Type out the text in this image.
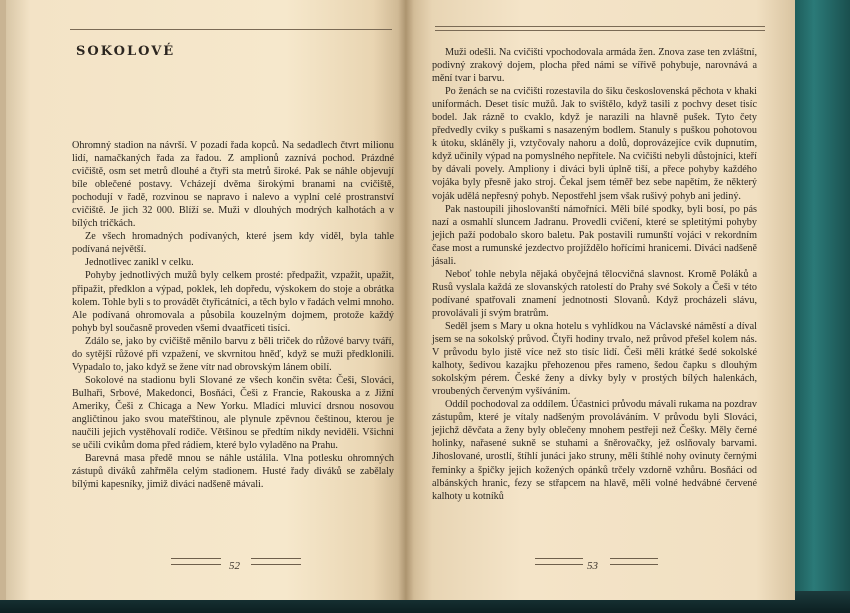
SOKOLOVÉ

Ohromný stadion na návrší. V pozadí řada kopců. Na sedadlech čtvrt milionu lidí, namačkaných řada za řadou. Z amplionů zaznívá pochod. Prázdné cvičiště, osm set metrů dlouhé a čtyři sta metrů široké. Pak se náhle objevují bíle oblečené postavy. Vcházejí dvěma širokými branami na cvičiště, pochodují v řadě, rozvinou se napravo i nalevo a vyplní celé prostranství cvičiště. Je jich 32 000. Blíží se. Muži v dlouhých modrých kalhotách a v bílých tričkách.

Ze všech hromadných podívaných, které jsem kdy viděl, byla tahle podívaná největší.

Jednotlivec zanikl v celku.

Pohyby jednotlivých mužů byly celkem prosté: předpažit, vzpažit, upažit, připažit, předklon a výpad, poklek, leh dopředu, výskokem do stoje a obrátka kolem. Tohle byli s to provádět čtyřicátníci, a těch bylo v řadách velmi mnoho. Ale podívaná ohromovala a působila kouzelným dojmem, protože každý pohyb byl současně proveden všemi dvaatřiceti tisíci.

Zdálo se, jako by cvičiště měnilo barvu z běli triček do růžové barvy tváří, do sytější růžové při vzpažení, ve skvrnitou hněď, když se muži předklonili. Vypadalo to, jako když se žene vítr nad obrovským lánem obilí.

Sokolové na stadionu byli Slované ze všech končin světa: Češi, Slováci, Bulhaři, Srbové, Makedonci, Bosňáci, Češi z Francie, Rakouska a z Jižní Ameriky, Češi z Chicaga a New Yorku. Mladíci mluvicí drsnou nosovou angličtinou jako svou mateřštinou, ale plynule zpěvnou češtinou, kterou je naučili jejich vystěhovalí rodiče. Většinou se předtím nikdy neviděli. Všichni se učili cvikům doma před rádiem, které bylo vyladěno na Prahu.

Barevná masa předě mnou se náhle ustálila. Vlna potlesku ohromných zástupů diváků zahřměla celým stadionem. Husté řady diváků se zabělaly bílými kapesníky, jimiž diváci nadšeně mávali.

52

Muži odešli. Na cvičišti vpochodovala armáda žen. Znova zase ten zvláštní, podivný zrakový dojem, plocha před námi se vířivě pohybuje, narovnává a mění tvar i barvu.

Po ženách se na cvičišti rozestavila do šiku československá pěchota v khaki uniformách. Deset tisíc mužů. Jak to svištělo, když tasili z pochvy deset tisíc bodel. Jak rázně to cvaklo, když je narazili na hlavně pušek. Tyto čety předvedly cviky s puškami s nasazeným bodlem. Stanuly s puškou pohotovou k útoku, skláněly ji, vztyčovaly nahoru a dolů, doprovázejíce cvik dupnutím, když učinily výpad na pomyslného nepřítele. Na cvičišti nebyli důstojníci, kteří by dávali povely. Ampliony i diváci byli úplně tiší, a přece pohyby každého vojáka byly přesně jako stroj. Čekal jsem téměř bez sebe napětím, že některý voják udělá nepřesný pohyb. Nepostřehl jsem však rušivý pohyb ani jediný.

Pak nastoupili jihoslovanští námořníci. Měli bílé spodky, byli bosí, po pás nazí a osmahlí sluncem Jadranu. Provedli cvičení, které se spletitými pohyby jejich paží podobalo skoro baletu. Pak postavili rumunští vojáci v rekordním čase most a rumunské jezdectvo projíždělo hořícími hranicemi. Diváci nadšeně jásali.

Neboť tohle nebyla nějaká obyčejná tělocvičná slavnost. Kromě Poláků a Rusů vyslala každá ze slovanských ratolestí do Prahy své Sokoly a Češi v této podívané spatřovali znamení jednotnosti Slovanů. Když procházeli slávu, provolávali jí svým bratrům.

Seděl jsem s Mary u okna hotelu s vyhlídkou na Václavské náměstí a díval jsem se na sokolský průvod. Čtyři hodiny trvalo, než průvod přešel kolem nás. V průvodu bylo jistě více než sto tisíc lidí. Češi měli krátké šedé sokolské kalhoty, šedivou kazajku přehozenou přes rameno, šedou čapku s dlouhým sokolským pérem. České ženy a dívky byly v prostých bílých halenkách, vroubených červeným vyšíváním.

Oddíl pochodoval za oddílem. Účastnici průvodu mávali rukama na pozdrav zástupům, které je vítaly nadšeným provoláváním. V průvodu byli Slováci, jejichž děvčata a ženy byly oblečeny mnohem pestřeji než Češky. Měly černé holinky, nařasené sukně se stuhami a šněrovačky, jež oslňovaly barvami. Jihoslované, urostlí, štíhlí junáci jako struny, měli štíhlé nohy ovinuty černými řeminky a špičky jejich kožených opánků trčely vzdorně vzhůru. Bosňáci od albánských hranic, fezy se střapcem na hlavě, měli volné hedvábné červené kalhoty u kotníků

53
